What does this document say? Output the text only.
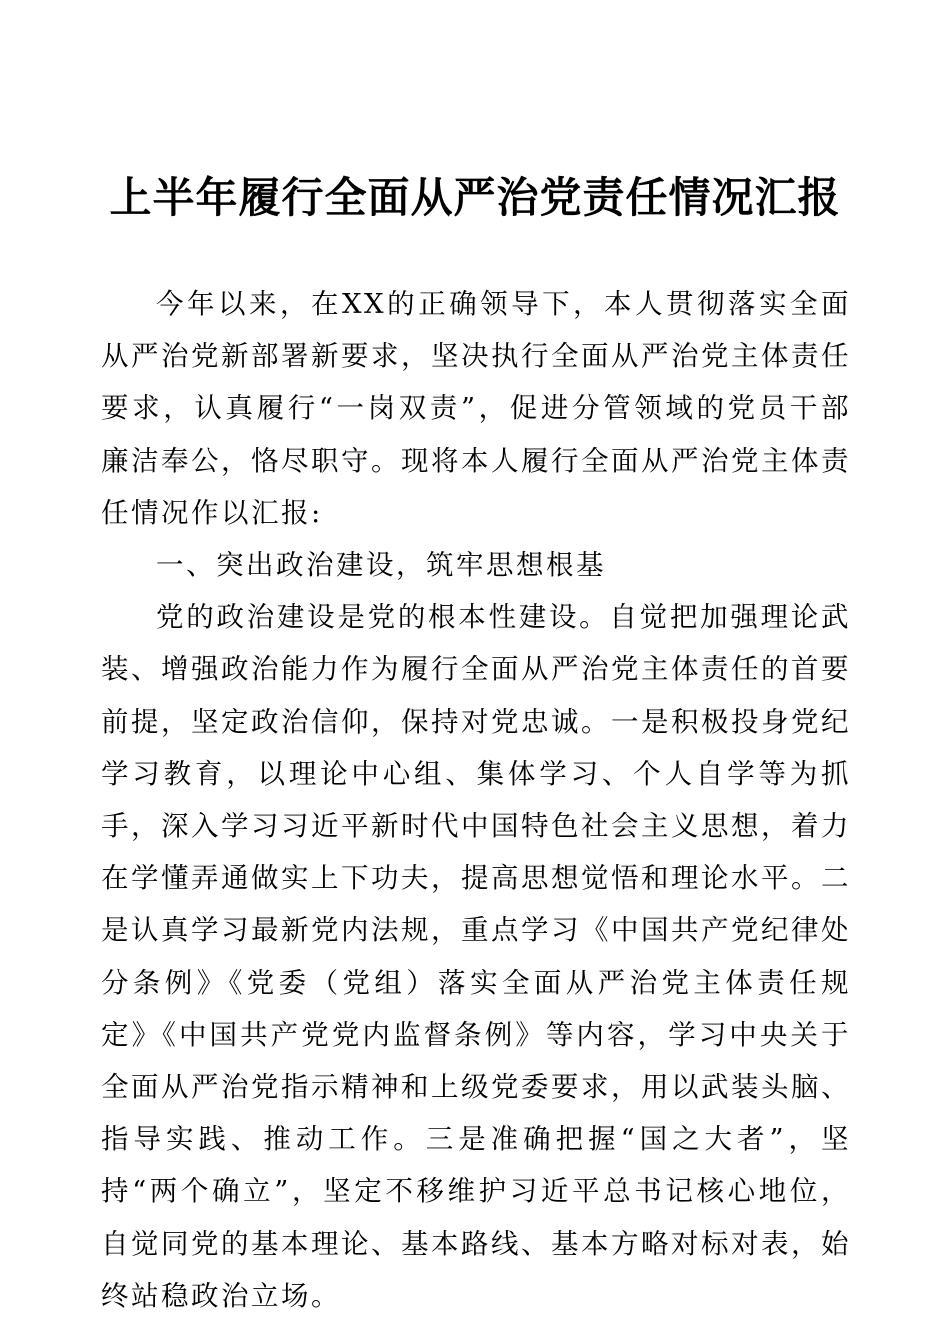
上半年履行全面从严治党责任情况汇报

今年以来，在XX的正确领导下，本人贯彻落实全面从严治党新部署新要求，坚决执行全面从严治党主体责任要求，认真履行“一岗双责”，促进分管领域的党员干部廉洁奉公，恪尽职守。现将本人履行全面从严治党主体责任情况作以汇报:

一、突出政治建设，筑牢思想根基

党的政治建设是党的根本性建设。自觉把加强理论武装、增强政治能力作为履行全面从严治党主体责任的首要前提，坚定政治信仰，保持对党忠诚。一是积极投身党纪学习教育，以理论中心组、集体学习、个人自学等为抓手，深入学习习近平新时代中国特色社会主义思想，着力在学懂弄通做实上下功夫，提高思想觉悟和理论水平。二是认真学习最新党内法规，重点学习《中国共产党纪律处分条例》《党委（党组）落实全面从严治党主体责任规定》《中国共产党党内监督条例》等内容，学习中央关于全面从严治党指示精神和上级党委要求，用以武装头脑、指导实践、推动工作。三是准确把握“国之大者”，坚持“两个确立”，坚定不移维护习近平总书记核心地位，自觉同党的基本理论、基本路线、基本方略对标对表，始终站稳政治立场。
